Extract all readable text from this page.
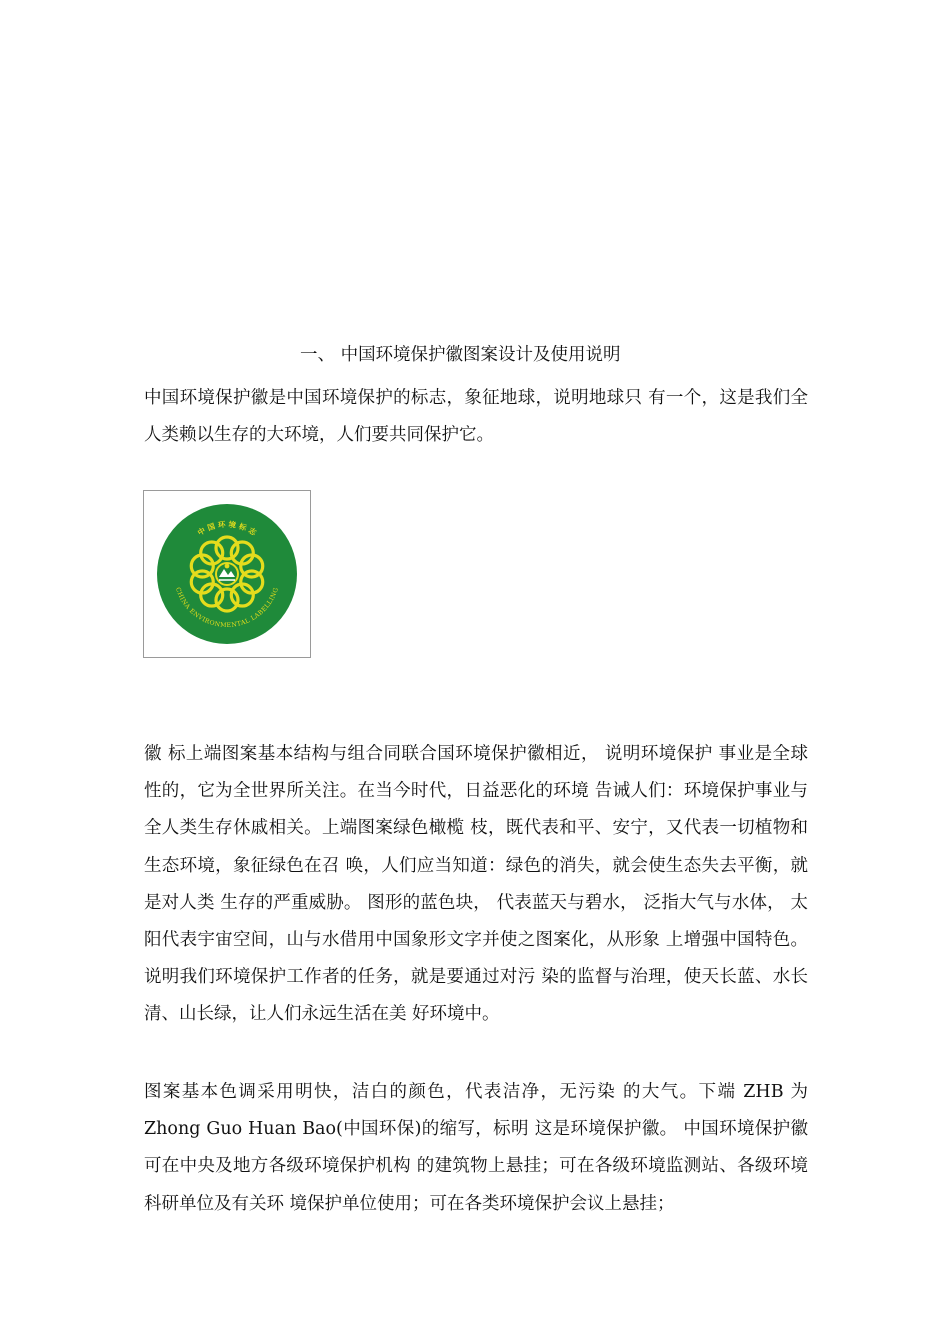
一、 中国环境保护徽图案设计及使用说明

中国环境保护徽是中国环境保护的标志，象征地球，说明地球只 有一个，这是我们全人类赖以生存的大环境，人们要共同保护它。

中 国 环 境 标 志
CHINA ENVIRONMENTAL LABELLING

徽 标上端图案基本结构与组合同联合国环境保护徽相近， 说明环境保护 事业是全球性的，它为全世界所关注。在当今时代，日益恶化的环境 告诫人们：环境保护事业与全人类生存休戚相关。上端图案绿色橄榄 枝，既代表和平、安宁，又代表一切植物和生态环境，象征绿色在召 唤，人们应当知道：绿色的消失，就会使生态失去平衡，就是对人类 生存的严重威胁。 图形的蓝色块， 代表蓝天与碧水， 泛指大气与水体， 太阳代表宇宙空间，山与水借用中国象形文字并使之图案化，从形象 上增强中国特色。说明我们环境保护工作者的任务，就是要通过对污 染的监督与治理，使天长蓝、水长清、山长绿，让人们永远生活在美 好环境中。

图案基本色调采用明快，洁白的颜色，代表洁净，无污染 的大气。下端 ZHB 为 Zhong Guo Huan Bao(中国环保)的缩写，标明 这是环境保护徽。 中国环境保护徽可在中央及地方各级环境保护机构 的建筑物上悬挂；可在各级环境监测站、各级环境科研单位及有关环 境保护单位使用；可在各类环境保护会议上悬挂；
